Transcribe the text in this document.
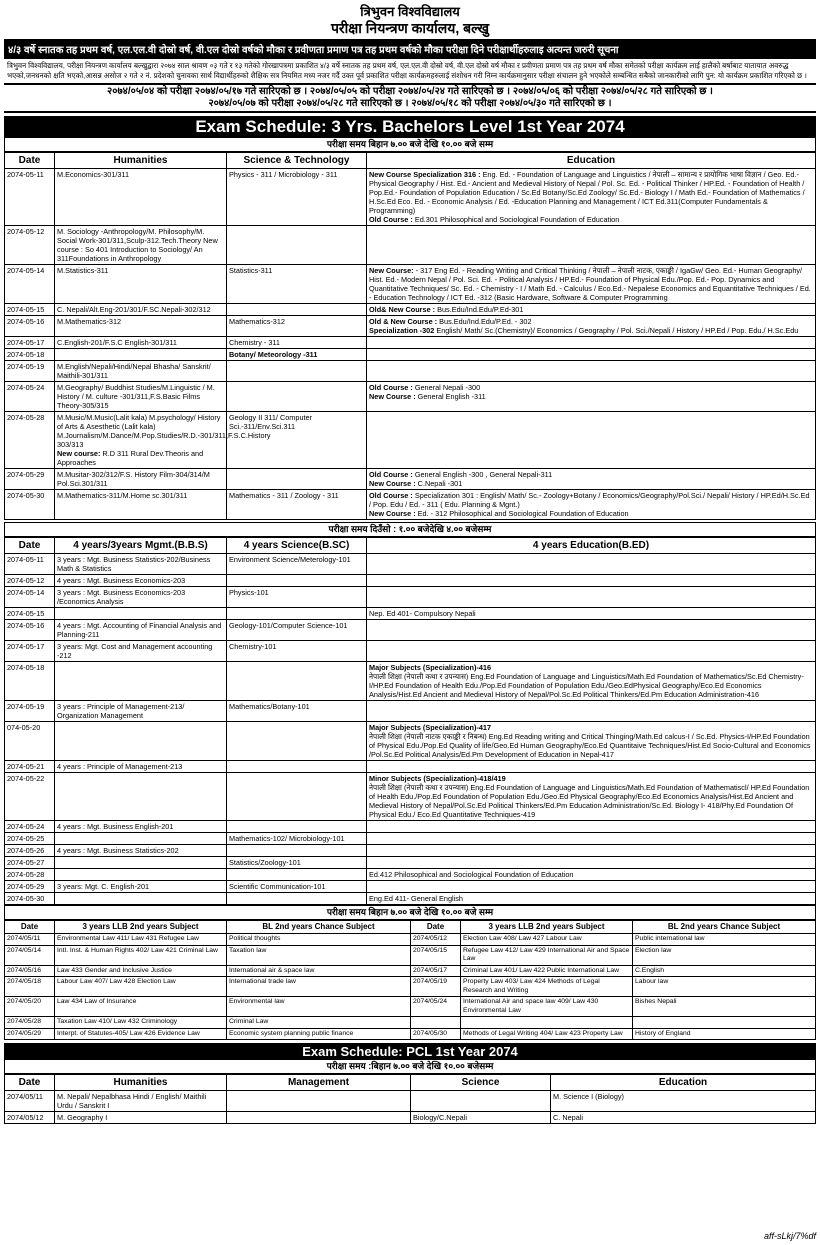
त्रिभुवन विश्वविद्यालय
परीक्षा नियन्त्रण कार्यालय, बल्खु
४/३ वर्षे स्नातक तह प्रथम वर्ष, एल.एल.वी दोस्रो वर्ष, वी.एल दोस्रो वर्षको मौका र प्रवीणता प्रमाण पत्र तह प्रथम वर्षको मौका परीक्षा दिने परीक्षार्थीहरुलाइ अत्यन्त जरुरी सूचना
त्रिभुवन विश्वविद्यालय, परीक्षा नियन्त्रण कार्यालय बल्खुद्वारा २०७४ साल श्रावण ०३ गते र १३ गतेको गोरखापत्रमा प्रकाशित ४/३ वर्षे स्नातक तह प्रथम वर्ष, एल.एल.वी दोस्रो वर्ष, वी.एल दोस्रो वर्ष मौका र प्रवीणता प्रमाण पत्र तह प्रथम वर्ष मौका समेतको परीक्षा कार्यक्रम लाई हालैको बर्षाबाट यातायात अवरुद्ध भएको,जनधनको क्षति भएको,आसन्न असोज २ गते २ नं. प्रदेशको चुनावका सार्थ विद्यार्थीहरुको शैक्षिक सत्र नियमित मध्य नजर गर्दै उक्त पूर्व प्रकाशित परीक्षा कार्यक्रमहरुलाई संशोधन गरी निम्न कार्यक्रमानुसार परीक्षा संचालन हुने भएकोले सम्बन्धित सबैको जानकारीको लागि पुन: यो कार्यक्रम प्रकाशित गरिएको छ ।
२०७४/०५/०४ को परीक्षा २०७४/०५/१७ गते सारिएको छ । २०७४/०५/०५ को परीक्षा २०७४/०५/२४ गते सारिएको छ । २०७४/०५/०६ को परीक्षा २०७४/०५/२८ गते सारिएको छ ।
२०७४/०५/०७ को परीक्षा २०७४/०५/२८ गते सारिएको छ । २०७४/०५/१८ को परीक्षा २०७४/०५/३० गते सारिएको छ ।
Exam Schedule: 3 Yrs. Bachelors Level 1st Year 2074
परीक्षा समय बिहान ७.०० बजे देखि १०.०० बजे सम्म
Date	Humanities	Science & Technology	Education
2074-05-11	M.Economics-301/311	Physics - 311 / Microbiology - 311	New Course Specialization 316 : Eng. Ed. - Foundation of Language and Linguistics / नेपाली – सामान्य र प्रायोगिक भाषा विज्ञान / Geo. Ed.- Physical Geography / Hist. Ed.- Ancient and Medieval History of Nepal / Pol. Sc. Ed. - Political Thinker / HP.Ed. - Foundation of Health / Pop.Ed.- Foundation of Population Education / Sc.Ed Botany/Sc.Ed Zoology/ Sc.Ed.- Biology I / Math Ed.- Foundation of Mathematics / H.Sc.Ed Eco. Ed. - Economic Analysis / Ed. -Education Planning and Management / ICT Ed.311(Computer Fundamentals & Programming)
Old Course : Ed.301 Philosophical and Sociological Foundation of Education
2074-05-12	M. Sociology -Anthropology/M. Philosophy/M. Social Work-301/311,Sculp-312.Tech.Theory New course : So 401 Introduction to Sociology/ An 311Foundations in Anthropology		
2074-05-14	M.Statistics-311	Statistics-311	New Course: - 317 Eng Ed. - Reading Writing and Critical Thinking / नेपाली – नेपाली नाटक, एकाङ्की / IgaGw/ Geo. Ed.- Human Geography/ Hist. Ed.- Modern Nepal / Pol. Sci. Ed. - Political Analysis / HP.Ed.- Foundation of Physical Edu./Pop. Ed.- Pop. Dynamics and Quantitative Techniques/ Sc. Ed. - Chemistry - I / Math Ed. - Calculus / Eco.Ed.- Nepalese Economics and Equantitative Techniques / Ed. - Education Technology / ICT Ed. -312 (Basic Hardware, Software & Computer Programming
2074-05-15	C. Nepali/Alt.Eng-201/301/F.SC.Nepali-302/312		Old& New Course : Bus.Edu/Ind.Edu/P.Ed-301
2074-05-16	M.Mathematics-312	Mathematics-312	Old & New Course : Bus.Edu/Ind.Edu/P.Ed. - 302
Specialization -302 English/ Math/ Sc.(Chemistry)/ Economics / Geography / Pol. Sci./Nepali / History / HP.Ed / Pop. Edu./ H.Sc.Edu
2074-05-17	C.English-201/F.S.C English-301/311	Chemistry - 311	
2074-05-18		Botany/ Meteorology -311	
2074-05-19	M.English/Nepali/Hindi/Nepal Bhasha/ Sanskrit/ Maithili-301/311		
2074-05-24	M.Geography/ Buddhist Studies/M.Linguistic / M. History / M. culture -301/311,F.S.Basic Films Theory-305/315		Old Course : General Nepali -300
New Course : General English -311
2074-05-28	M.Music/M.Music(Lalit kala) M.psychology/ History of Arts & Asesthetic (Lalit kala) M.Journalism/M.Dance/M.Pop.Studies/R.D.-301/311,F.S.C.History 303/313
New course: R.D 311 Rural Dev.Theoris and Approaches	Geology II 311/ Computer Sci.-311/Env.Sci.311	
2074-05-29	M.Musitar-302/312/F.S. History Film-304/314/M Pol.Sci.301/311		Old Course : General English -300 , General Nepali-311
New Course : C.Nepali -301
2074-05-30	M.Mathematics-311/M.Home sc.301/311	Mathematics - 311 / Zoology - 311	Old Course : Specialization 301 : English/ Math/ Sc.- Zoology+Botany / Economics/Geography/Pol.Sci./ Nepali/ History / HP.Ed/H.Sc.Ed / Pop. Edu / Ed. - 311 ( Edu. Planning & Mgnt.)
New Course : Ed. - 312 Philosophical and Sociological Foundation of Education
परीक्षा समय दिउँसो : १.०० बजेदेखि ४.०० बजेसम्म
Date	4 years/3years Mgmt.(B.B.S)	4 years Science(B.SC)	4 years Education(B.ED)
2074-05-11	3 years : Mgt. Business Statistics-202/Business Math & Statistics	Environment Science/Meterology-101	
2074-05-12	4 years : Mgt. Business Economics-203		
2074-05-14	3 years : Mgt. Business Economics-203 /Economics Analysis	Physics-101	
2074-05-15			Nep. Ed 401- Compulsory Nepali
2074-05-16	4 years : Mgt. Accounting of Financial Analysis and Planning-211	Geology-101/Computer Science-101	
2074-05-17	3 years: Mgt. Cost and Management accounting -212	Chemistry-101	
2074-05-18			Major Subjects (Specialization)-416
नेपाली शिक्षा (नेपाली कथा र उपन्यास) Eng.Ed Foundation of Language and Linguistics/Math.Ed Foundation of Mathematics/Sc.Ed Chemistry-I/HP.Ed Foundation of Health Edu./Pop.Ed Foundation of Population Edu./Geo.EdPhysical Geography/Eco.Ed Economics Analysis/Hist.Ed Ancient and Medieval History of Nepal/Pol.Sc.Ed Political Thinkers/Ed.Pm Education Administration-416
2074-05-19	3 years : Principle of Management-213/ Organization Management	Mathematics/Botany-101	
074-05-20			Major Subjects (Specialization)-417
नेपाली शिक्षा (नेपाली नाटक एकाङ्की र निबन्ध) Eng.Ed Reading writing and Critical Thinging/Math.Ed calcus-I / Sc.Ed. Physics-I/HP.Ed Foundation of Physical Edu./Pop.Ed Quality of life/Geo.Ed Human Geography/Eco.Ed Quantitaive Techniques/Hist.Ed Socio-Cultural and Economics /Pol.Sc.Ed Political Analysis/Ed.Pm Development of Education in Nepal-417
2074-05-21	4 years : Principle of Management-213		
2074-05-22			Minor Subjects (Specialization)-418/419
नेपाली शिक्षा (नेपाली कथा र उपन्यास) Eng.Ed Foundation of Language and Linguistics/Math.Ed Foundation of Mathematiscl/ HP.Ed Foundation of Health Edu./Pop.Ed Foundation of Population Edu./Geo.Ed Physical Geography/Eco.Ed Economics Analysis/Hist.Ed Ancient and Medieval History of Nepal/Pol.Sc.Ed Political Thinkers/Ed.Pm Education Administration/Sc.Ed. Biology I- 418/Phy.Ed Foundation Of Physical Edu./ Eco.Ed Quantitative Techniques-419
2074-05-24	4 years : Mgt. Business English-201		
2074-05-25		Mathematics-102/ Microbiology-101	
2074-05-26	4 years : Mgt. Business Statistics-202		
2074-05-27		Statistics/Zoology-101	
2074-05-28			Ed.412 Philosophical and Sociological Foundation of Education
2074-05-29	3 years: Mgt. C. English-201	Scientific Communication-101	
2074-05-30			Eng.Ed 411- General English
परीक्षा समय बिहान ७.०० बजे देखि १०.०० बजे सम्म
Date	3 years LLB 2nd years Subject	BL 2nd years Chance Subject	Date	3 years LLB 2nd years Subject	BL 2nd years Chance Subject
2074/05/11	Environmental Law 411/ Law 431 Refugee Law	Political thoughts	2074/05/12	Election Law 408/ Law 427 Labour Law	Public international law
2074/05/14	Intl. Inst. & Human Rights 402/ Law 421 Criminal Law	Taxation law	2074/05/15	Refugee Law 412/ Law 429 International Air and Space Law	Election law
2074/05/16	Law 433 Gender and Inclusive Justice	International air & space law	2074/05/17	Criminal Law 401/ Law 422 Public International Law	C.English
2074/05/18	Labour Law 407/ Law 428 Election Law	International trade law	2074/05/19	Property Law 403/ Law 424 Methods of Legal Research and Writing	Labour law
2074/05/20	Law 434 Law of Insurance	Environmental law	2074/05/24	International Air and space law 409/ Law 430 Environmental Law	Bishes Nepali
2074/05/28	Taxation Law 410/ Law 432 Criminology	Criminal Law			
2074/05/29	Interpt. of Statutes-405/ Law 426 Evidence Law	Economic system planning public finance	2074/05/30	Methods of Legal Writing 404/ Law 423 Property Law	History of England
Exam Schedule: PCL 1st Year 2074
परीक्षा समय :बिहान ७.०० बजे देखि १०.०० बजेसम्म
Date	Humanities	Management	Science	Education
2074/05/11	M. Nepali/ Nepalbhasa Hindi / English/ Maithili Urdu / Sanskrit I			M. Science I (Biology)
2074/05/12	M. Geography I		Biology/C.Nepali	C. Nepali
aff-sLkj/7%df
